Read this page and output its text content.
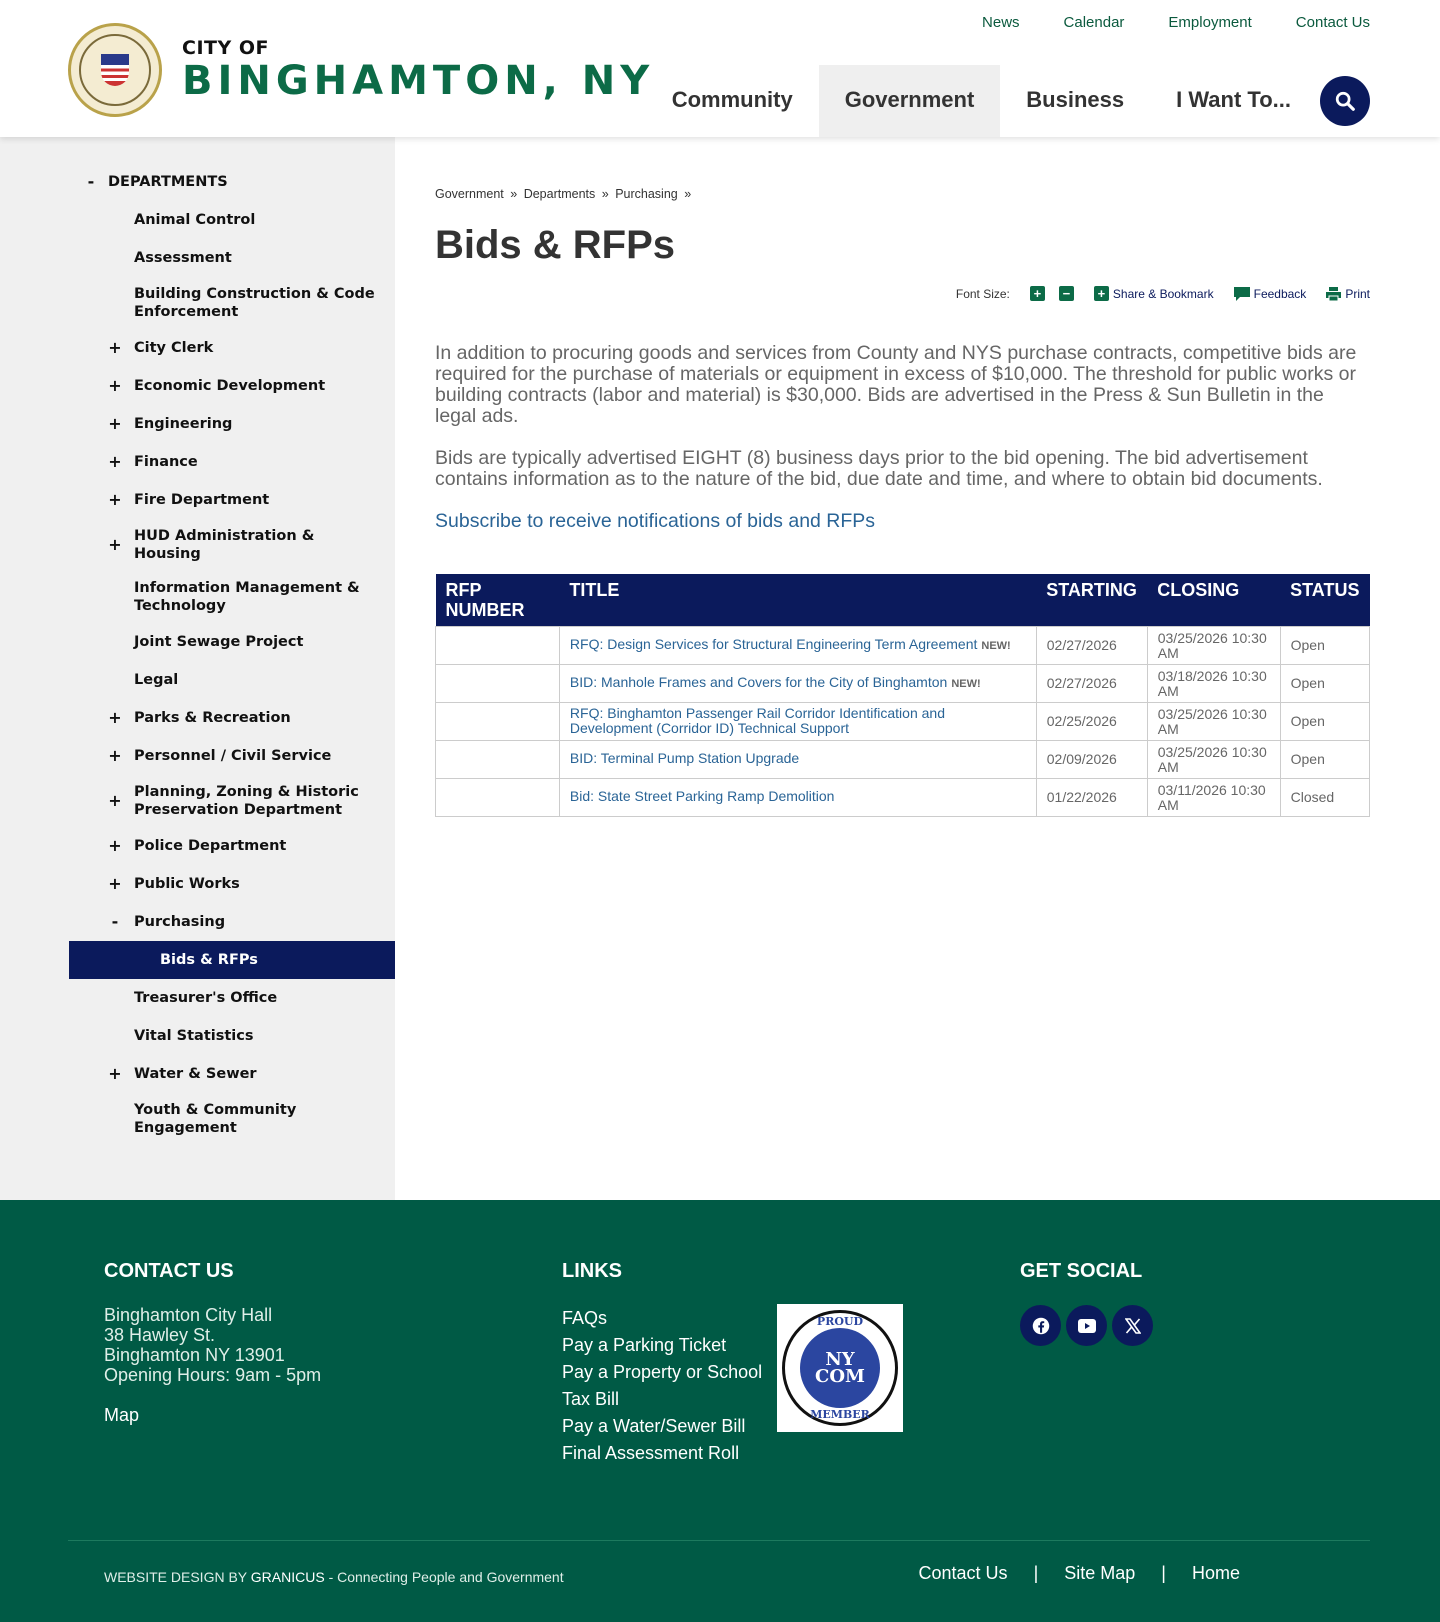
CITY OF
BINGHAMTON, NY
News	Calendar	Employment	Contact Us
Community	Government	Business	I Want To...
- DEPARTMENTS
Animal Control
Assessment
Building Construction & Code Enforcement
+ City Clerk
+ Economic Development
+ Engineering
+ Finance
+ Fire Department
+ HUD Administration & Housing
Information Management & Technology
Joint Sewage Project
Legal
+ Parks & Recreation
+ Personnel / Civil Service
+ Planning, Zoning & Historic Preservation Department
+ Police Department
+ Public Works
- Purchasing
Bids & RFPs
Treasurer's Office
Vital Statistics
+ Water & Sewer
Youth & Community Engagement
Government » Departments » Purchasing »
Bids & RFPs
Font Size: + − + Share & Bookmark	Feedback	Print

In addition to procuring goods and services from County and NYS purchase contracts, competitive bids are required for the purchase of materials or equipment in excess of $10,000. The threshold for public works or building contracts (labor and material) is $30,000. Bids are advertised in the Press & Sun Bulletin in the legal ads.

Bids are typically advertised EIGHT (8) business days prior to the bid opening. The bid advertisement contains information as to the nature of the bid, due date and time, and where to obtain bid documents.

Subscribe to receive notifications of bids and RFPs
RFP NUMBER	TITLE	STARTING	CLOSING	STATUS
	RFQ: Design Services for Structural Engineering Term Agreement NEW!	02/27/2026	03/25/2026 10:30 AM	Open
	BID: Manhole Frames and Covers for the City of Binghamton NEW!	02/27/2026	03/18/2026 10:30 AM	Open
	RFQ: Binghamton Passenger Rail Corridor Identification and Development (Corridor ID) Technical Support	02/25/2026	03/25/2026 10:30 AM	Open
	BID: Terminal Pump Station Upgrade	02/09/2026	03/25/2026 10:30 AM	Open
	Bid: State Street Parking Ramp Demolition	01/22/2026	03/11/2026 10:30 AM	Closed
CONTACT US
Binghamton City Hall
38 Hawley St.
Binghamton NY 13901
Opening Hours: 9am - 5pm
Map
LINKS
FAQs
Pay a Parking Ticket
Pay a Property or School Tax Bill
Pay a Water/Sewer Bill
Final Assessment Roll
PROUD
NY
COM
MEMBER
GET SOCIAL
WEBSITE DESIGN BY GRANICUS - Connecting People and Government	Contact Us | Site Map | Home
